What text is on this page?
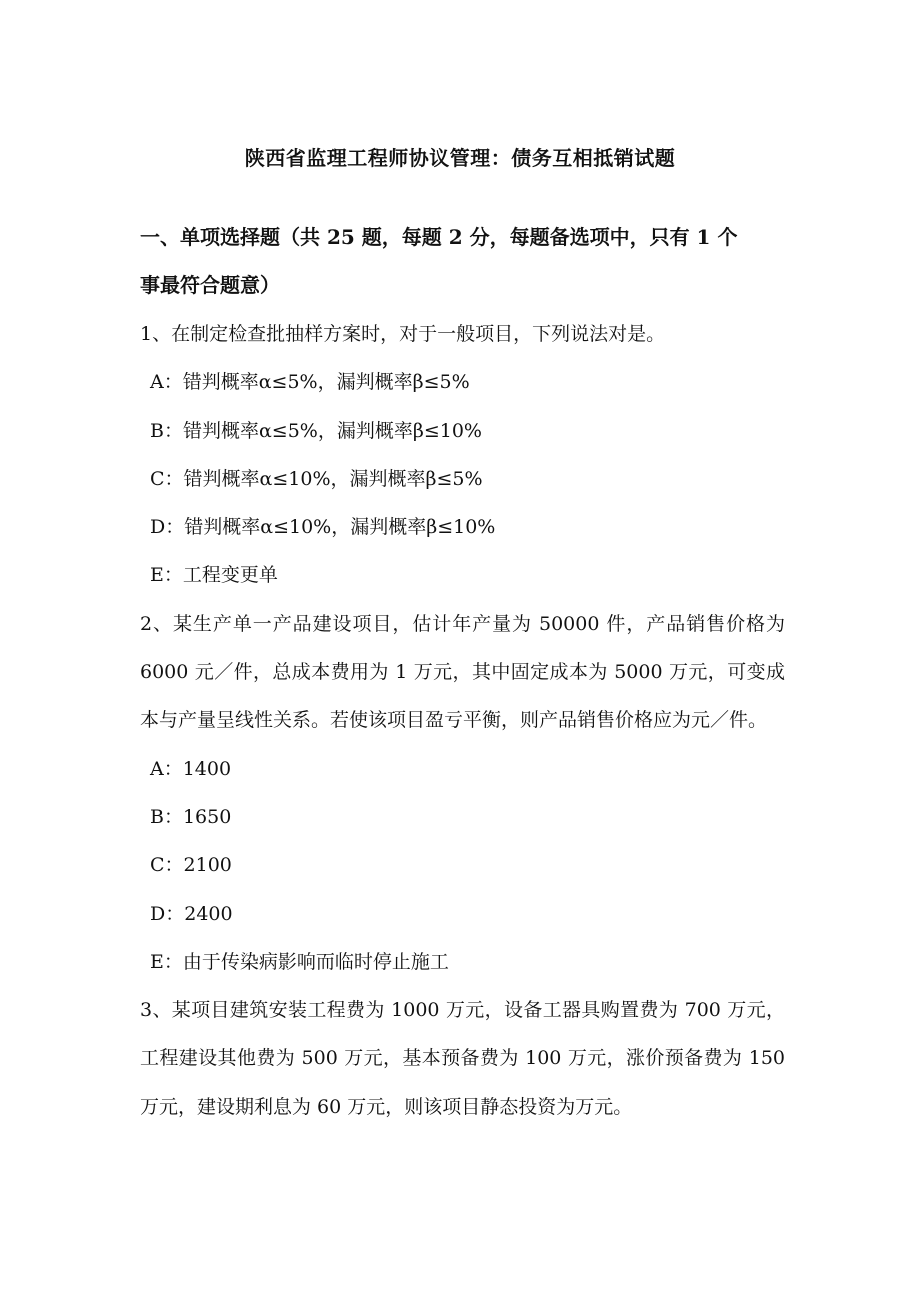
陕西省监理工程师协议管理：债务互相抵销试题
一、单项选择题（共 25 题，每题 2 分，每题备选项中，只有 1 个
事最符合题意）

1、在制定检查批抽样方案时，对于一般项目，下列说法对是。

A：错判概率α≤5%，漏判概率β≤5%

B：错判概率α≤5%，漏判概率β≤10%

C：错判概率α≤10%，漏判概率β≤5%

D：错判概率α≤10%，漏判概率β≤10%

E：工程变更单

2、某生产单一产品建设项目，估计年产量为 50000 件，产品销售价格为 6000 元／件，总成本费用为 1 万元，其中固定成本为 5000 万元，可变成本与产量呈线性关系。若使该项目盈亏平衡，则产品销售价格应为元／件。

A：1400

B：1650

C：2100

D：2400

E：由于传染病影响而临时停止施工

3、某项目建筑安装工程费为 1000 万元，设备工器具购置费为 700 万元，工程建设其他费为 500 万元，基本预备费为 100 万元，涨价预备费为 150 万元，建设期利息为 60 万元，则该项目静态投资为万元。
